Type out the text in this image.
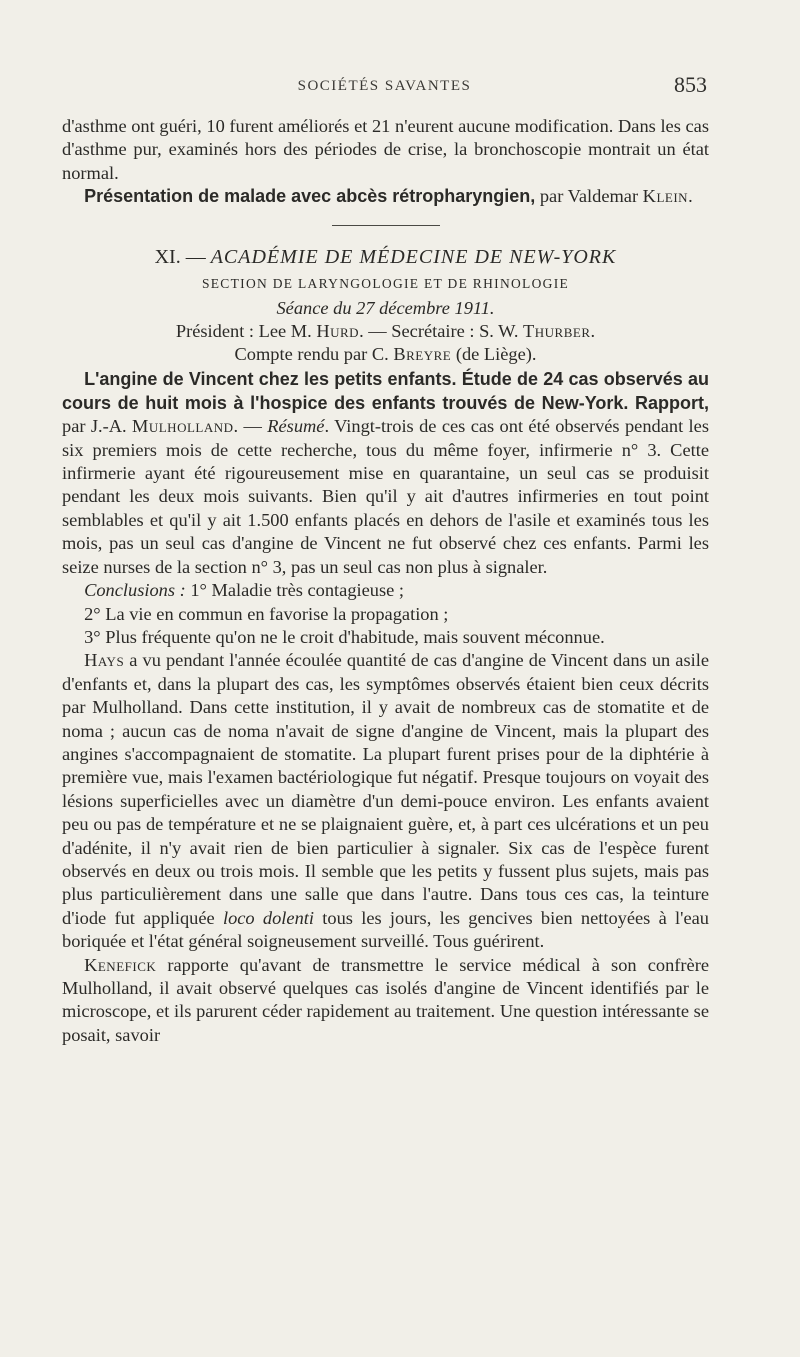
SOCIÉTÉS SAVANTES	853

d'asthme ont guéri, 10 furent améliorés et 21 n'eurent aucune modification. Dans les cas d'asthme pur, examinés hors des périodes de crise, la bronchoscopie montrait un état normal.

Présentation de malade avec abcès rétropharyngien, par Valdemar Klein.

XI. — ACADÉMIE DE MÉDECINE DE NEW-YORK

SECTION DE LARYNGOLOGIE ET DE RHINOLOGIE

Séance du 27 décembre 1911.

Président : Lee M. Hurd. — Secrétaire : S. W. Thurber.

Compte rendu par C. Breyre (de Liège).

L'angine de Vincent chez les petits enfants. Étude de 24 cas observés au cours de huit mois à l'hospice des enfants trouvés de New-York. Rapport, par J.-A. Mulholland. — Résumé. Vingt-trois de ces cas ont été observés pendant les six premiers mois de cette recherche, tous du même foyer, infirmerie n° 3. Cette infirmerie ayant été rigoureusement mise en quarantaine, un seul cas se produisit pendant les deux mois suivants. Bien qu'il y ait d'autres infirmeries en tout point semblables et qu'il y ait 1.500 enfants placés en dehors de l'asile et examinés tous les mois, pas un seul cas d'angine de Vincent ne fut observé chez ces enfants. Parmi les seize nurses de la section n° 3, pas un seul cas non plus à signaler.

Conclusions : 1° Maladie très contagieuse ;

2° La vie en commun en favorise la propagation ;

3° Plus fréquente qu'on ne le croit d'habitude, mais souvent méconnue.

Hays a vu pendant l'année écoulée quantité de cas d'angine de Vincent dans un asile d'enfants et, dans la plupart des cas, les symptômes observés étaient bien ceux décrits par Mulholland. Dans cette institution, il y avait de nombreux cas de stomatite et de noma ; aucun cas de noma n'avait de signe d'angine de Vincent, mais la plupart des angines s'accompagnaient de stomatite. La plupart furent prises pour de la diphtérie à première vue, mais l'examen bactériologique fut négatif. Presque toujours on voyait des lésions superficielles avec un diamètre d'un demi-pouce environ. Les enfants avaient peu ou pas de température et ne se plaignaient guère, et, à part ces ulcérations et un peu d'adénite, il n'y avait rien de bien particulier à signaler. Six cas de l'espèce furent observés en deux ou trois mois. Il semble que les petits y fussent plus sujets, mais pas plus particulièrement dans une salle que dans l'autre. Dans tous ces cas, la teinture d'iode fut appliquée loco dolenti tous les jours, les gencives bien nettoyées à l'eau boriquée et l'état général soigneusement surveillé. Tous guérirent.

Kenefick rapporte qu'avant de transmettre le service médical à son confrère Mulholland, il avait observé quelques cas isolés d'angine de Vincent identifiés par le microscope, et ils parurent céder rapidement au traitement. Une question intéressante se posait, savoir
